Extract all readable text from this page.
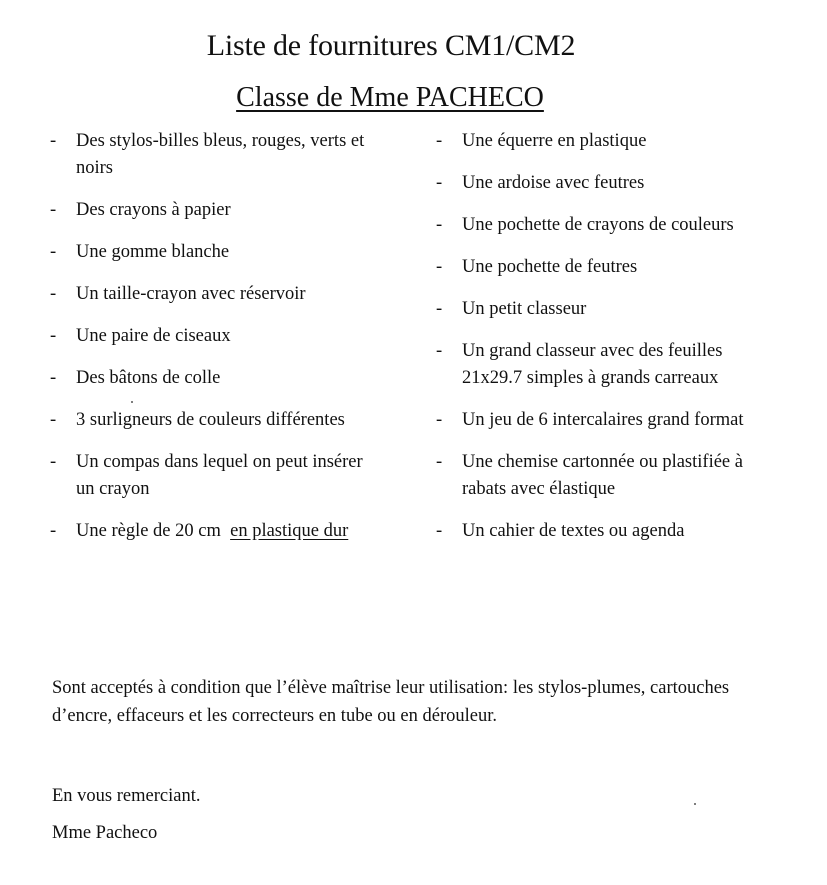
Liste de fournitures CM1/CM2
Classe de Mme PACHECO
- Des stylos-billes bleus, rouges, verts et noirs
- Des crayons à papier
- Une gomme blanche
- Un taille-crayon avec réservoir
- Une paire de ciseaux
- Des bâtons de colle
- 3 surligneurs de couleurs différentes
- Un compas dans lequel on peut insérer un crayon
- Une règle de 20 cm en plastique dur
- Une équerre en plastique
- Une ardoise avec feutres
- Une pochette de crayons de couleurs
- Une pochette de feutres
- Un petit classeur
- Un grand classeur avec des feuilles 21x29.7 simples à grands carreaux
- Un jeu de 6 intercalaires grand format
- Une chemise cartonnée ou plastifiée à rabats avec élastique
- Un cahier de textes ou agenda

Sont acceptés à condition que l’élève maîtrise leur utilisation: les stylos-plumes, cartouches d’encre, effaceurs et les correcteurs en tube ou en dérouleur.

En vous remerciant.

Mme Pacheco
